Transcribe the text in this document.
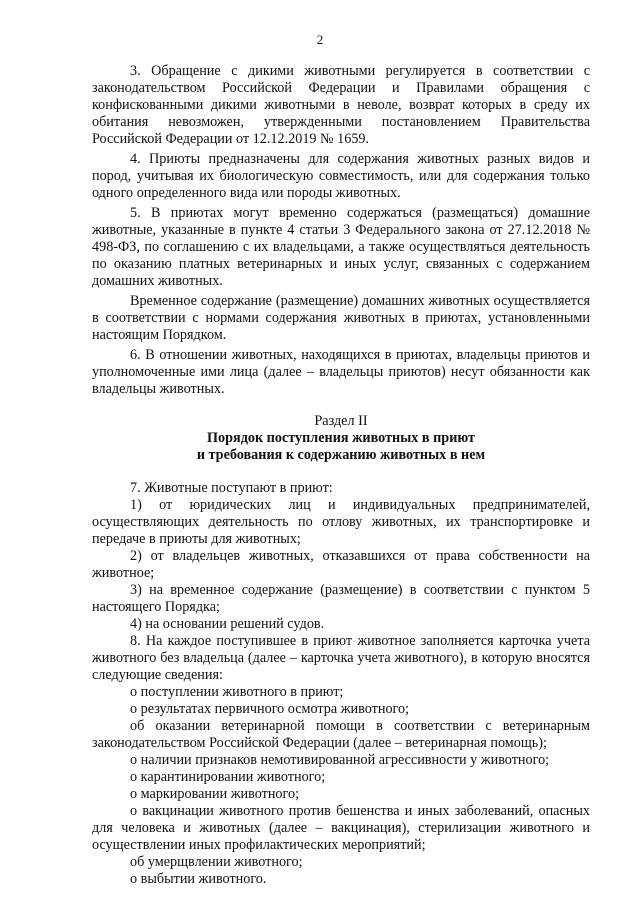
2

3. Обращение с дикими животными регулируется в соответствии с законодательством Российской Федерации и Правилами обращения с конфискованными дикими животными в неволе, возврат которых в среду их обитания невозможен, утвержденными постановлением Правительства Российской Федерации от 12.12.2019 № 1659.

4. Приюты предназначены для содержания животных разных видов и пород, учитывая их биологическую совместимость, или для содержания только одного определенного вида или породы животных.

5. В приютах могут временно содержаться (размещаться) домашние животные, указанные в пункте 4 статьи 3 Федерального закона от 27.12.2018 № 498-ФЗ, по соглашению с их владельцами, а также осуществляться деятельность по оказанию платных ветеринарных и иных услуг, связанных с содержанием домашних животных.

Временное содержание (размещение) домашних животных осуществляется в соответствии с нормами содержания животных в приютах, установленными настоящим Порядком.

6. В отношении животных, находящихся в приютах, владельцы приютов и уполномоченные ими лица (далее – владельцы приютов) несут обязанности как владельцы животных.

Раздел II

Порядок поступления животных в приют

и требования к содержанию животных в нем

7. Животные поступают в приют:

1) от юридических лиц и индивидуальных предпринимателей, осуществляющих деятельность по отлову животных, их транспортировке и передаче в приюты для животных;

2) от владельцев животных, отказавшихся от права собственности на животное;

3) на временное содержание (размещение) в соответствии с пунктом 5 настоящего Порядка;

4) на основании решений судов.

8. На каждое поступившее в приют животное заполняется карточка учета животного без владельца (далее – карточка учета животного), в которую вносятся следующие сведения:

о поступлении животного в приют;

о результатах первичного осмотра животного;

об оказании ветеринарной помощи в соответствии с ветеринарным законодательством Российской Федерации (далее – ветеринарная помощь);

о наличии признаков немотивированной агрессивности у животного;

о карантинировании животного;

о маркировании животного;

о вакцинации животного против бешенства и иных заболеваний, опасных для человека и животных (далее – вакцинация), стерилизации животного и осуществлении иных профилактических мероприятий;

об умерщвлении животного;

о выбытии животного.
